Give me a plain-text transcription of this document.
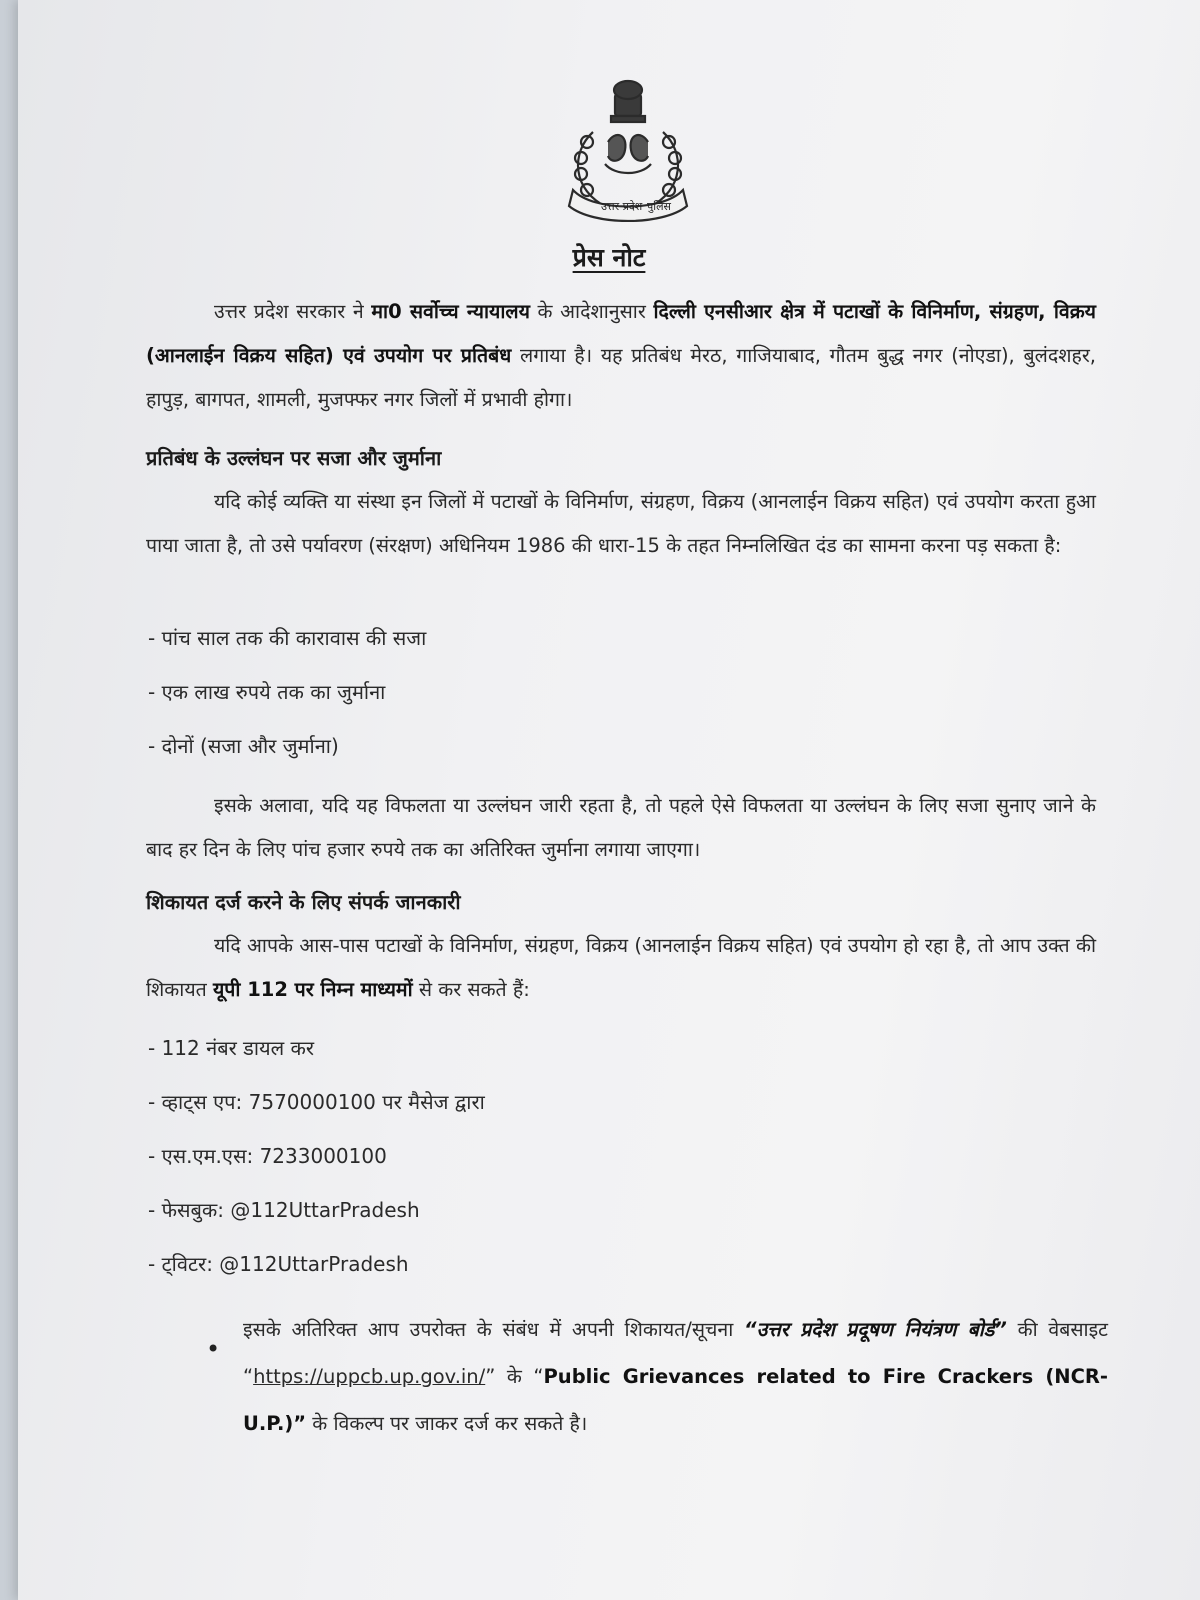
उत्तर प्रदेश पुलिस
प्रेस नोट
उत्तर प्रदेश सरकार ने मा0 सर्वोच्च न्यायालय के आदेशानुसार दिल्ली एनसीआर क्षेत्र में पटाखों के विनिर्माण, संग्रहण, विक्रय (आनलाईन विक्रय सहित) एवं उपयोग पर प्रतिबंध लगाया है। यह प्रतिबंध मेरठ, गाजियाबाद, गौतम बुद्ध नगर (नोएडा), बुलंदशहर, हापुड़, बागपत, शामली, मुजफ्फर नगर जिलों में प्रभावी होगा।
प्रतिबंध के उल्लंघन पर सजा और जुर्माना
यदि कोई व्यक्ति या संस्था इन जिलों में पटाखों के विनिर्माण, संग्रहण, विक्रय (आनलाईन विक्रय सहित) एवं उपयोग करता हुआ पाया जाता है, तो उसे पर्यावरण (संरक्षण) अधिनियम 1986 की धारा-15 के तहत निम्नलिखित दंड का सामना करना पड़ सकता है:
- पांच साल तक की कारावास की सजा
- एक लाख रुपये तक का जुर्माना
- दोनों (सजा और जुर्माना)
इसके अलावा, यदि यह विफलता या उल्लंघन जारी रहता है, तो पहले ऐसे विफलता या उल्लंघन के लिए सजा सुनाए जाने के बाद हर दिन के लिए पांच हजार रुपये तक का अतिरिक्त जुर्माना लगाया जाएगा।
शिकायत दर्ज करने के लिए संपर्क जानकारी
यदि आपके आस-पास पटाखों के विनिर्माण, संग्रहण, विक्रय (आनलाईन विक्रय सहित) एवं उपयोग हो रहा है, तो आप उक्त की शिकायत यूपी 112 पर निम्न माध्यमों से कर सकते हैं:
- 112 नंबर डायल कर
- व्हाट्स एप: 7570000100 पर मैसेज द्वारा
- एस.एम.एस: 7233000100
- फेसबुक: @112UttarPradesh
- ट्विटर: @112UttarPradesh
•
इसके अतिरिक्त आप उपरोक्त के संबंध में अपनी शिकायत/सूचना “उत्तर प्रदेश प्रदूषण नियंत्रण बोर्ड” की वेबसाइट “https://uppcb.up.gov.in/” के “Public Grievances related to Fire Crackers (NCR-U.P.)” के विकल्प पर जाकर दर्ज कर सकते है।
